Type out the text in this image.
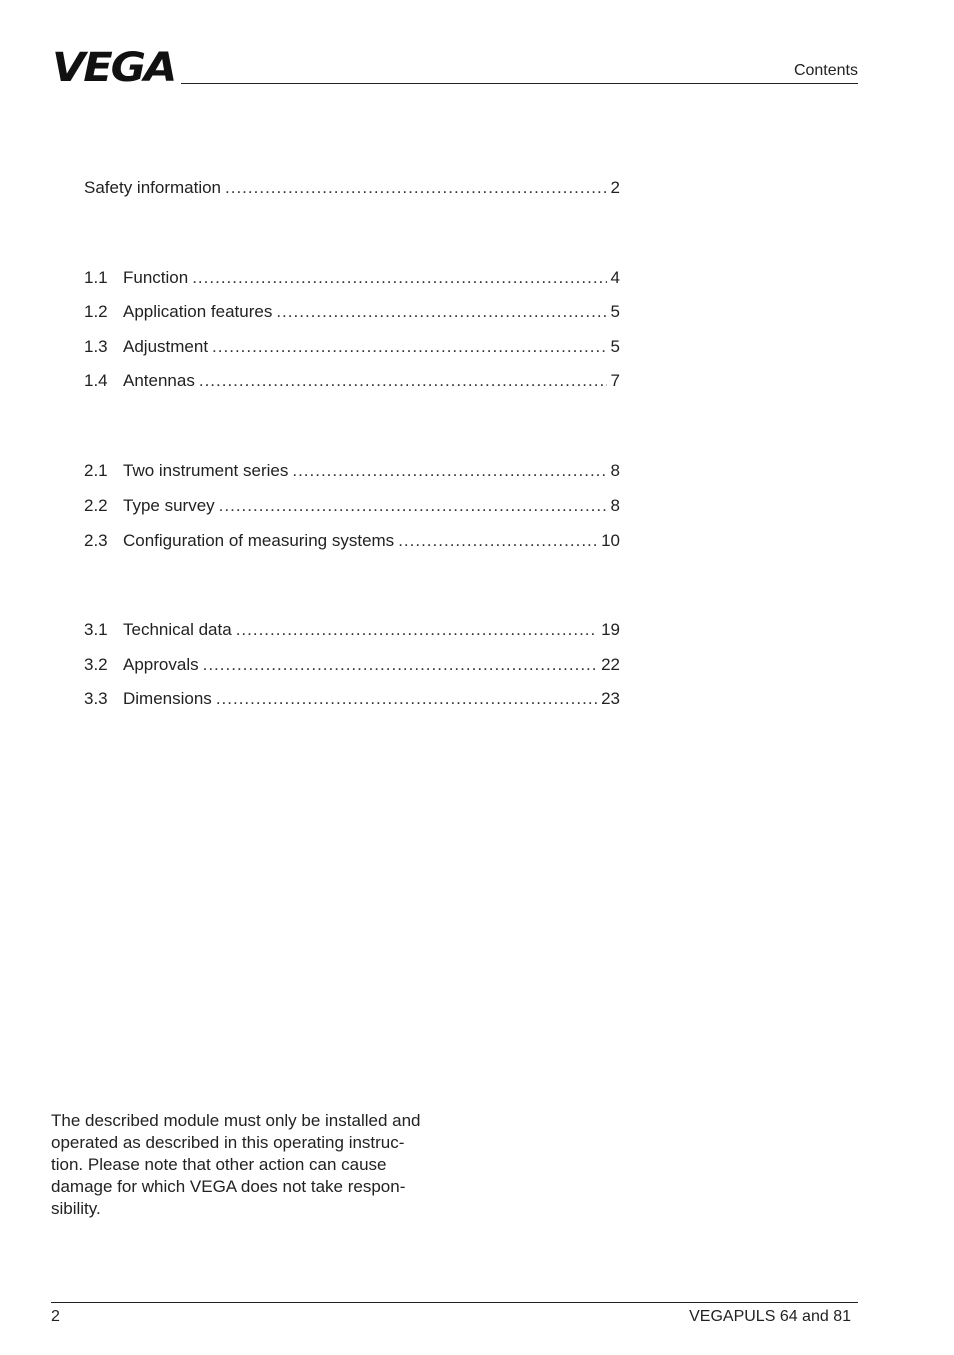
VEGA	Contents
Safety information .....	2
1.1 Function .....	4
1.2 Application features .....	5
1.3 Adjustment .....	5
1.4 Antennas .....	7
2.1 Two instrument series .....	8
2.2 Type survey .....	8
2.3 Configuration of measuring systems .....	10
3.1 Technical data .....	19
3.2 Approvals .....	22
3.3 Dimensions .....	23

The described module must only be installed and

operated as described in this operating instruc-

tion. Please note that other action can cause

damage for which VEGA does not take respon-

sibility.

2	VEGAPULS 64 and 81
